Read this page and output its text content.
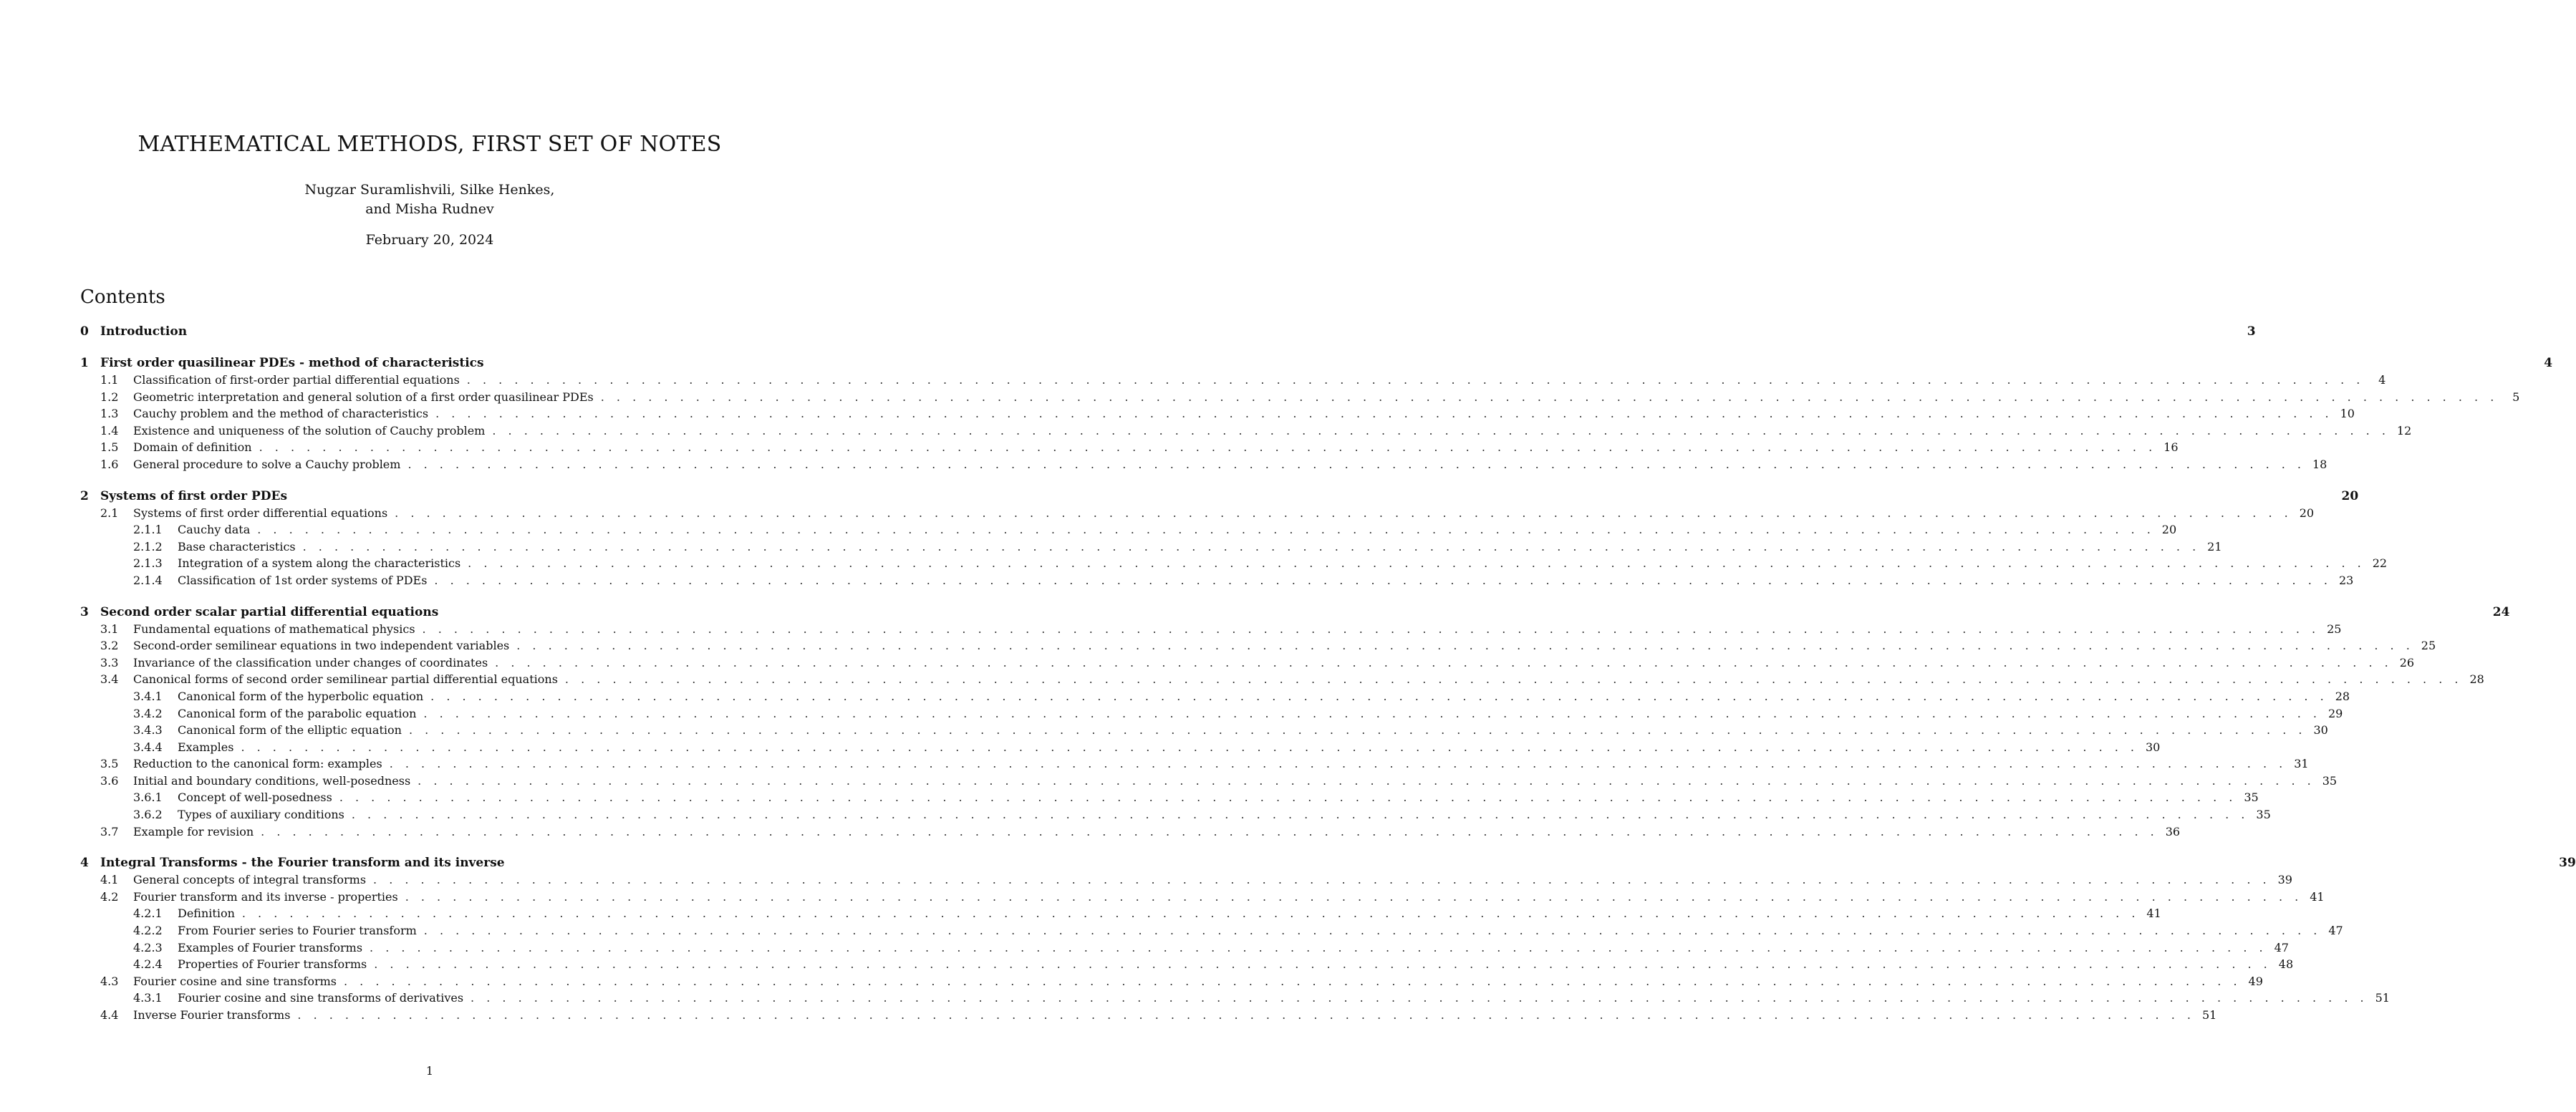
MATHEMATICAL METHODS, FIRST SET OF NOTES
Nugzar Suramlishvili, Silke Henkes,
and Misha Rudnev
February 20, 2024
Contents
0 Introduction	3
1 First order quasilinear PDEs - method of characteristics	4
1.1	Classification of first-order partial differential equations . . . . . . . . . . . . . . . . . . . . . . . . . . . . . . . . . . . . . . . . . . . . . . . . . . . . . . . . . . . . . . . . . . . . . . . . . . . . . . . . . . . . . . . . . . . . . . . . . . . . . . . . . . . . . . . . . . . . . . . .	4
1.2	Geometric interpretation and general solution of a first order quasilinear PDEs . . . . . . . . . . . . . . . . . . . . . . . . . . . . . . . . . . . . . . . . . . . . . . . . . . . . . . . . . . . . . . . . . . . . . . . . . . . . . . . . . . . . . . . . . . . . . . . . . . . . . . . . . . . . . . . . . . . . . . . .	5
1.3	Cauchy problem and the method of characteristics . . . . . . . . . . . . . . . . . . . . . . . . . . . . . . . . . . . . . . . . . . . . . . . . . . . . . . . . . . . . . . . . . . . . . . . . . . . . . . . . . . . . . . . . . . . . . . . . . . . . . . . . . . . . . . . . . . . . . . . . 10
1.4	Existence and uniqueness of the solution of Cauchy problem . . . . . . . . . . . . . . . . . . . . . . . . . . . . . . . . . . . . . . . . . . . . . . . . . . . . . . . . . . . . . . . . . . . . . . . . . . . . . . . . . . . . . . . . . . . . . . . . . . . . . . . . . . . . . . . . . . . . . . . . 12
1.5	Domain of definition . . . . . . . . . . . . . . . . . . . . . . . . . . . . . . . . . . . . . . . . . . . . . . . . . . . . . . . . . . . . . . . . . . . . . . . . . . . . . . . . . . . . . . . . . . . . . . . . . . . . . . . . . . . . . . . . . . . . . . . . 16
1.6	General procedure to solve a Cauchy problem . . . . . . . . . . . . . . . . . . . . . . . . . . . . . . . . . . . . . . . . . . . . . . . . . . . . . . . . . . . . . . . . . . . . . . . . . . . . . . . . . . . . . . . . . . . . . . . . . . . . . . . . . . . . . . . . . . . . . . . . 18
2 Systems of first order PDEs	20
2.1	Systems of first order differential equations . . . . . . . . . . . . . . . . . . . . . . . . . . . . . . . . . . . . . . . . . . . . . . . . . . . . . . . . . . . . . . . . . . . . . . . . . . . . . . . . . . . . . . . . . . . . . . . . . . . . . . . . . . . . . . . . . . . . . . . . 20
2.1.1	Cauchy data . . . . . . . . . . . . . . . . . . . . . . . . . . . . . . . . . . . . . . . . . . . . . . . . . . . . . . . . . . . . . . . . . . . . . . . . . . . . . . . . . . . . . . . . . . . . . . . . . . . . . . . . . . . . . . . . . . . . . . . . 20
2.1.2	Base characteristics . . . . . . . . . . . . . . . . . . . . . . . . . . . . . . . . . . . . . . . . . . . . . . . . . . . . . . . . . . . . . . . . . . . . . . . . . . . . . . . . . . . . . . . . . . . . . . . . . . . . . . . . . . . . . . . . . . . . . . . . 21
2.1.3	Integration of a system along the characteristics . . . . . . . . . . . . . . . . . . . . . . . . . . . . . . . . . . . . . . . . . . . . . . . . . . . . . . . . . . . . . . . . . . . . . . . . . . . . . . . . . . . . . . . . . . . . . . . . . . . . . . . . . . . . . . . . . . . . . . . . 22
2.1.4	Classification of 1st order systems of PDEs . . . . . . . . . . . . . . . . . . . . . . . . . . . . . . . . . . . . . . . . . . . . . . . . . . . . . . . . . . . . . . . . . . . . . . . . . . . . . . . . . . . . . . . . . . . . . . . . . . . . . . . . . . . . . . . . . . . . . . . . 23
3 Second order scalar partial differential equations	24
3.1	Fundamental equations of mathematical physics . . . . . . . . . . . . . . . . . . . . . . . . . . . . . . . . . . . . . . . . . . . . . . . . . . . . . . . . . . . . . . . . . . . . . . . . . . . . . . . . . . . . . . . . . . . . . . . . . . . . . . . . . . . . . . . . . . . . . . . . 25
3.2	Second-order semilinear equations in two independent variables . . . . . . . . . . . . . . . . . . . . . . . . . . . . . . . . . . . . . . . . . . . . . . . . . . . . . . . . . . . . . . . . . . . . . . . . . . . . . . . . . . . . . . . . . . . . . . . . . . . . . . . . . . . . . . . . . . . . . . . . 25
3.3	Invariance of the classification under changes of coordinates . . . . . . . . . . . . . . . . . . . . . . . . . . . . . . . . . . . . . . . . . . . . . . . . . . . . . . . . . . . . . . . . . . . . . . . . . . . . . . . . . . . . . . . . . . . . . . . . . . . . . . . . . . . . . . . . . . . . . . . . 26
3.4	Canonical forms of second order semilinear partial differential equations . . . . . . . . . . . . . . . . . . . . . . . . . . . . . . . . . . . . . . . . . . . . . . . . . . . . . . . . . . . . . . . . . . . . . . . . . . . . . . . . . . . . . . . . . . . . . . . . . . . . . . . . . . . . . . . . . . . . . . . . 28
3.4.1	Canonical form of the hyperbolic equation . . . . . . . . . . . . . . . . . . . . . . . . . . . . . . . . . . . . . . . . . . . . . . . . . . . . . . . . . . . . . . . . . . . . . . . . . . . . . . . . . . . . . . . . . . . . . . . . . . . . . . . . . . . . . . . . . . . . . . . . 28
3.4.2	Canonical form of the parabolic equation . . . . . . . . . . . . . . . . . . . . . . . . . . . . . . . . . . . . . . . . . . . . . . . . . . . . . . . . . . . . . . . . . . . . . . . . . . . . . . . . . . . . . . . . . . . . . . . . . . . . . . . . . . . . . . . . . . . . . . . . 29
3.4.3	Canonical form of the elliptic equation . . . . . . . . . . . . . . . . . . . . . . . . . . . . . . . . . . . . . . . . . . . . . . . . . . . . . . . . . . . . . . . . . . . . . . . . . . . . . . . . . . . . . . . . . . . . . . . . . . . . . . . . . . . . . . . . . . . . . . . . 30
3.4.4	Examples . . . . . . . . . . . . . . . . . . . . . . . . . . . . . . . . . . . . . . . . . . . . . . . . . . . . . . . . . . . . . . . . . . . . . . . . . . . . . . . . . . . . . . . . . . . . . . . . . . . . . . . . . . . . . . . . . . . . . . . . 30
3.5	Reduction to the canonical form: examples . . . . . . . . . . . . . . . . . . . . . . . . . . . . . . . . . . . . . . . . . . . . . . . . . . . . . . . . . . . . . . . . . . . . . . . . . . . . . . . . . . . . . . . . . . . . . . . . . . . . . . . . . . . . . . . . . . . . . . . . 31
3.6	Initial and boundary conditions, well-posedness . . . . . . . . . . . . . . . . . . . . . . . . . . . . . . . . . . . . . . . . . . . . . . . . . . . . . . . . . . . . . . . . . . . . . . . . . . . . . . . . . . . . . . . . . . . . . . . . . . . . . . . . . . . . . . . . . . . . . . . . 35
3.6.1	Concept of well-posedness . . . . . . . . . . . . . . . . . . . . . . . . . . . . . . . . . . . . . . . . . . . . . . . . . . . . . . . . . . . . . . . . . . . . . . . . . . . . . . . . . . . . . . . . . . . . . . . . . . . . . . . . . . . . . . . . . . . . . . . . 35
3.6.2	Types of auxiliary conditions . . . . . . . . . . . . . . . . . . . . . . . . . . . . . . . . . . . . . . . . . . . . . . . . . . . . . . . . . . . . . . . . . . . . . . . . . . . . . . . . . . . . . . . . . . . . . . . . . . . . . . . . . . . . . . . . . . . . . . . . 35
3.7	Example for revision . . . . . . . . . . . . . . . . . . . . . . . . . . . . . . . . . . . . . . . . . . . . . . . . . . . . . . . . . . . . . . . . . . . . . . . . . . . . . . . . . . . . . . . . . . . . . . . . . . . . . . . . . . . . . . . . . . . . . . . . 36
4 Integral Transforms - the Fourier transform and its inverse	39
4.1	General concepts of integral transforms . . . . . . . . . . . . . . . . . . . . . . . . . . . . . . . . . . . . . . . . . . . . . . . . . . . . . . . . . . . . . . . . . . . . . . . . . . . . . . . . . . . . . . . . . . . . . . . . . . . . . . . . . . . . . . . . . . . . . . . . 39
4.2	Fourier transform and its inverse - properties . . . . . . . . . . . . . . . . . . . . . . . . . . . . . . . . . . . . . . . . . . . . . . . . . . . . . . . . . . . . . . . . . . . . . . . . . . . . . . . . . . . . . . . . . . . . . . . . . . . . . . . . . . . . . . . . . . . . . . . . 41
4.2.1	Definition . . . . . . . . . . . . . . . . . . . . . . . . . . . . . . . . . . . . . . . . . . . . . . . . . . . . . . . . . . . . . . . . . . . . . . . . . . . . . . . . . . . . . . . . . . . . . . . . . . . . . . . . . . . . . . . . . . . . . . . . 41
4.2.2	From Fourier series to Fourier transform . . . . . . . . . . . . . . . . . . . . . . . . . . . . . . . . . . . . . . . . . . . . . . . . . . . . . . . . . . . . . . . . . . . . . . . . . . . . . . . . . . . . . . . . . . . . . . . . . . . . . . . . . . . . . . . . . . . . . . . . 47
4.2.3	Examples of Fourier transforms . . . . . . . . . . . . . . . . . . . . . . . . . . . . . . . . . . . . . . . . . . . . . . . . . . . . . . . . . . . . . . . . . . . . . . . . . . . . . . . . . . . . . . . . . . . . . . . . . . . . . . . . . . . . . . . . . . . . . . . . 47
4.2.4	Properties of Fourier transforms . . . . . . . . . . . . . . . . . . . . . . . . . . . . . . . . . . . . . . . . . . . . . . . . . . . . . . . . . . . . . . . . . . . . . . . . . . . . . . . . . . . . . . . . . . . . . . . . . . . . . . . . . . . . . . . . . . . . . . . . 48
4.3	Fourier cosine and sine transforms . . . . . . . . . . . . . . . . . . . . . . . . . . . . . . . . . . . . . . . . . . . . . . . . . . . . . . . . . . . . . . . . . . . . . . . . . . . . . . . . . . . . . . . . . . . . . . . . . . . . . . . . . . . . . . . . . . . . . . . . 49
4.3.1	Fourier cosine and sine transforms of derivatives . . . . . . . . . . . . . . . . . . . . . . . . . . . . . . . . . . . . . . . . . . . . . . . . . . . . . . . . . . . . . . . . . . . . . . . . . . . . . . . . . . . . . . . . . . . . . . . . . . . . . . . . . . . . . . . . . . . . . . . . 51
4.4	Inverse Fourier transforms . . . . . . . . . . . . . . . . . . . . . . . . . . . . . . . . . . . . . . . . . . . . . . . . . . . . . . . . . . . . . . . . . . . . . . . . . . . . . . . . . . . . . . . . . . . . . . . . . . . . . . . . . . . . . . . . . . . . . . . . 51
1
